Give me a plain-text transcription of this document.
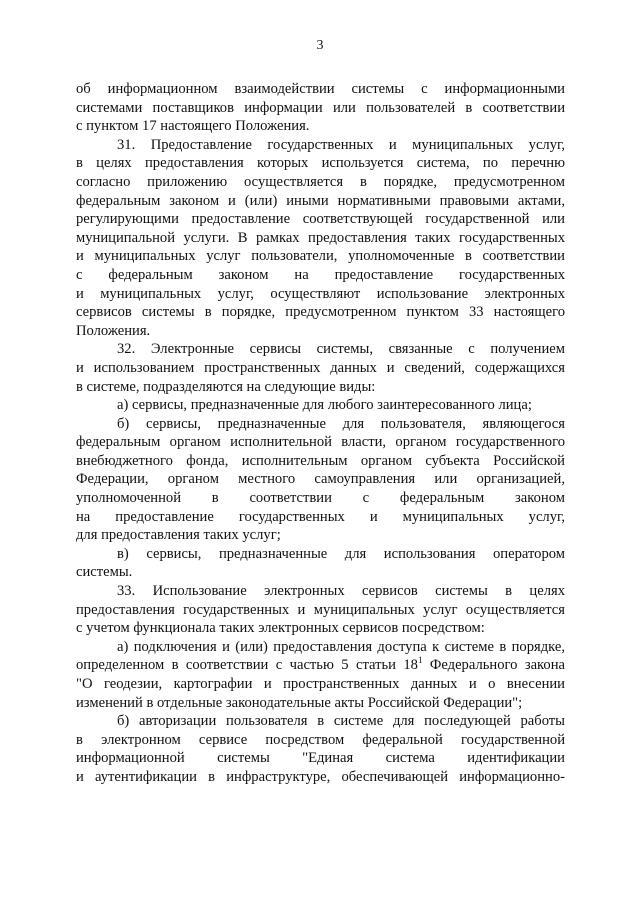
3
об информационном взаимодействии системы с информационными
системами поставщиков информации или пользователей в соответствии
с пунктом 17 настоящего Положения.
31. Предоставление государственных и муниципальных услуг,
в целях предоставления которых используется система, по перечню
согласно приложению осуществляется в порядке, предусмотренном
федеральным законом и (или) иными нормативными правовыми актами,
регулирующими предоставление соответствующей государственной или
муниципальной услуги. В рамках предоставления таких государственных
и муниципальных услуг пользователи, уполномоченные в соответствии
с федеральным законом на предоставление государственных
и муниципальных услуг, осуществляют использование электронных
сервисов системы в порядке, предусмотренном пунктом 33 настоящего
Положения.
32. Электронные сервисы системы, связанные с получением
и использованием пространственных данных и сведений, содержащихся
в системе, подразделяются на следующие виды:
а) сервисы, предназначенные для любого заинтересованного лица;
б) сервисы, предназначенные для пользователя, являющегося
федеральным органом исполнительной власти, органом государственного
внебюджетного фонда, исполнительным органом субъекта Российской
Федерации, органом местного самоуправления или организацией,
уполномоченной в соответствии с федеральным законом
на предоставление государственных и муниципальных услуг,
для предоставления таких услуг;
в) сервисы, предназначенные для использования оператором
системы.
33. Использование электронных сервисов системы в целях
предоставления государственных и муниципальных услуг осуществляется
с учетом функционала таких электронных сервисов посредством:
а) подключения и (или) предоставления доступа к системе в порядке,
определенном в соответствии с частью 5 статьи $18^1$ Федерального закона
"О геодезии, картографии и пространственных данных и о внесении
изменений в отдельные законодательные акты Российской Федерации";
б) авторизации пользователя в системе для последующей работы
в электронном сервисе посредством федеральной государственной
информационной системы "Единая система идентификации
и аутентификации в инфраструктуре, обеспечивающей информационно-
